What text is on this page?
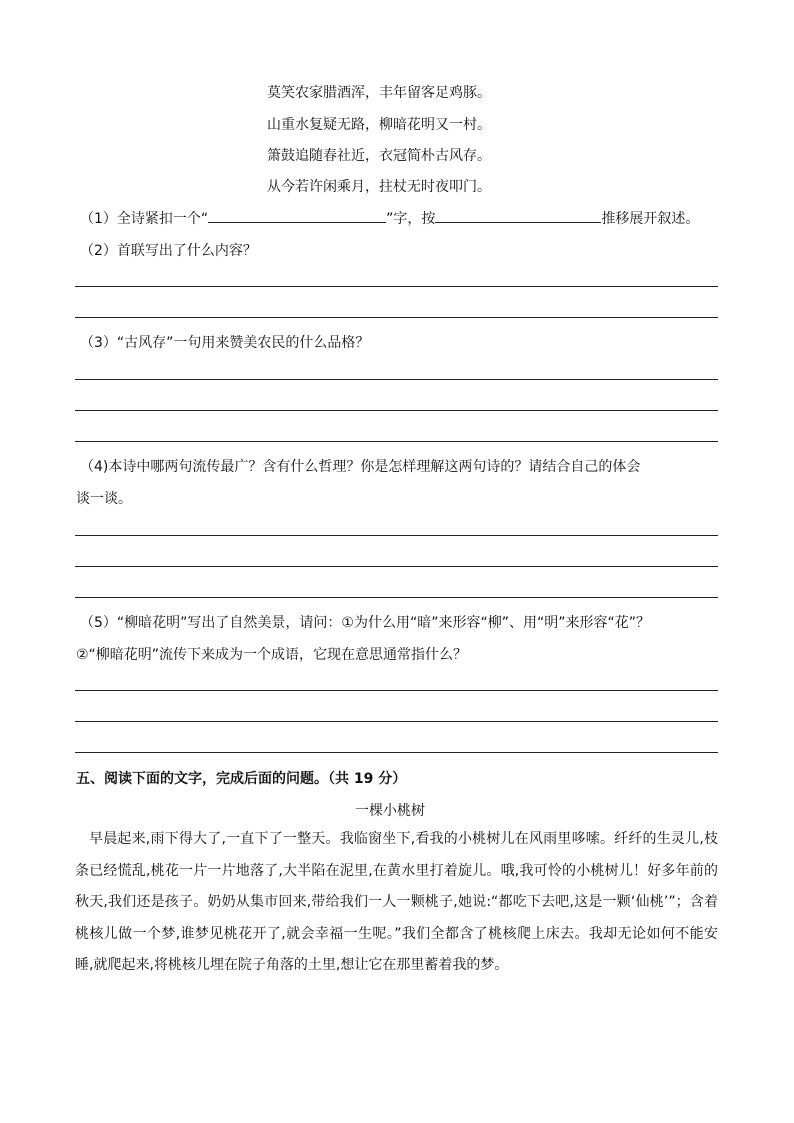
莫笑农家腊酒浑，丰年留客足鸡豚。
山重水复疑无路，柳暗花明又一村。
箫鼓追随春社近，衣冠简朴古风存。
从今若许闲乘月，拄杖无时夜叩门。
（1）全诗紧扣一个“	”字，按	推移展开叙述。
（2）首联写出了什么内容？
（3）“古风存”一句用来赞美农民的什么品格？
（4)本诗中哪两句流传最广？含有什么哲理？你是怎样理解这两句诗的？请结合自己的体会
谈一谈。
（5）“柳暗花明”写出了自然美景，请问：①为什么用“暗”来形容“柳”、用“明”来形容“花”？
②“柳暗花明”流传下来成为一个成语，它现在意思通常指什么？
五、阅读下面的文字，完成后面的问题。（共 19 分）
一棵小桃树
早晨起来,雨下得大了,一直下了一整天。我临窗坐下,看我的小桃树儿在风雨里哆嗦。纤纤的生灵儿,枝条已经慌乱,桃花一片一片地落了,大半陷在泥里,在黄水里打着旋儿。哦,我可怜的小桃树儿！好多年前的秋天,我们还是孩子。奶奶从集市回来,带给我们一人一颗桃子,她说:“都吃下去吧,这是一颗‘仙桃’”；含着桃核儿做一个梦,谁梦见桃花开了,就会幸福一生呢。”我们全都含了桃核爬上床去。我却无论如何不能安睡,就爬起来,将桃核儿埋在院子角落的土里,想让它在那里蓄着我的梦。
